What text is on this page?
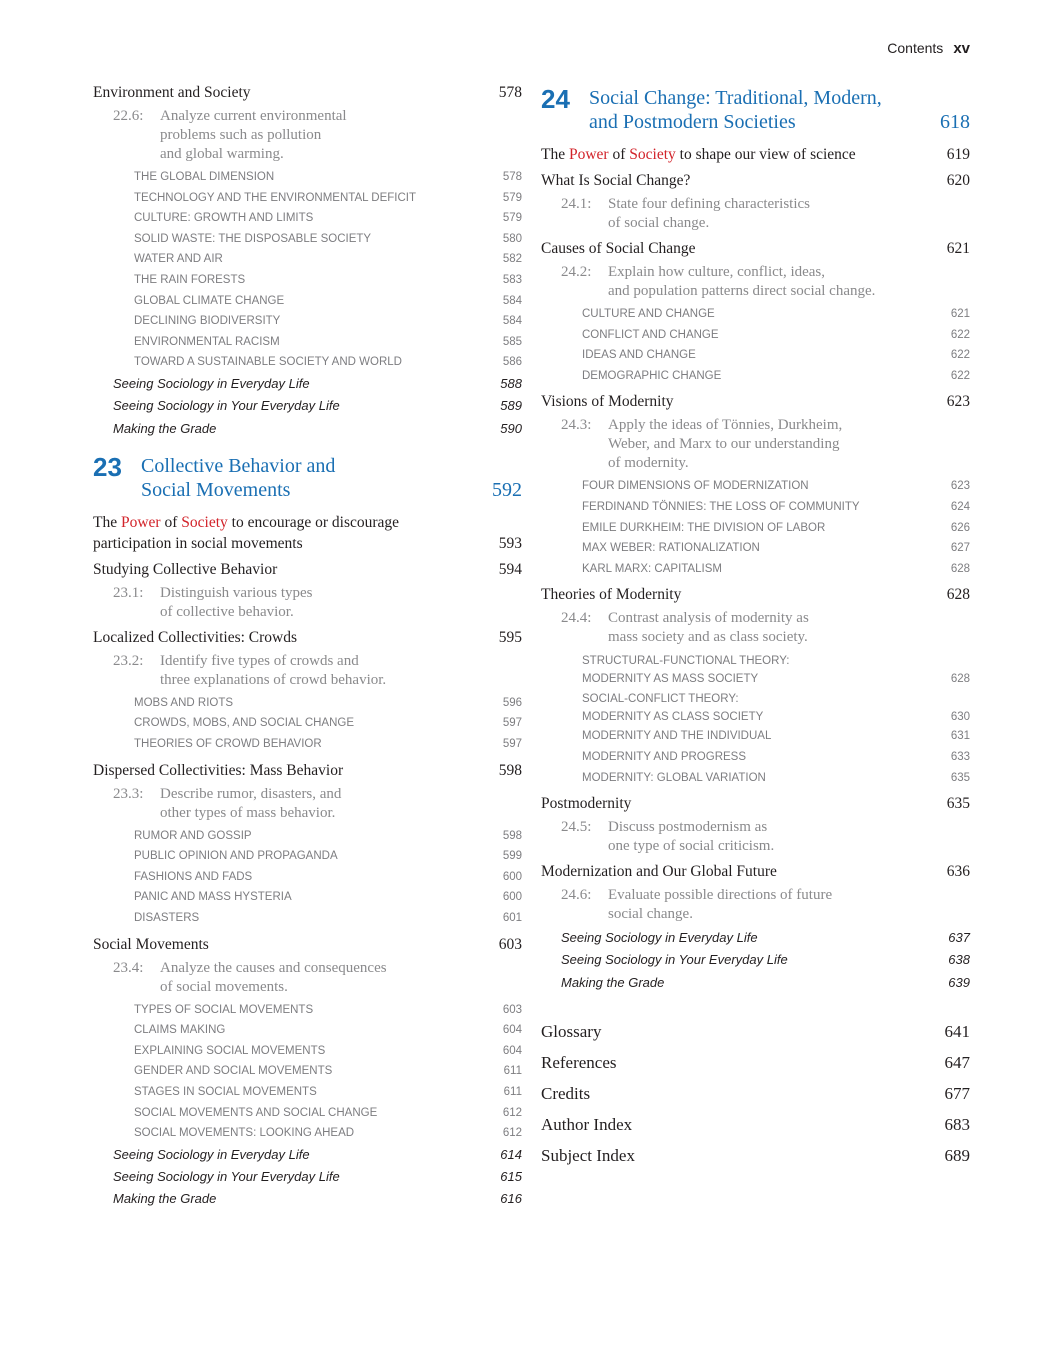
Contents xv
Environment and Society	578
22.6:	Analyze current environmental
problems such as pollution
and global warming.
THE GLOBAL DIMENSION	578
TECHNOLOGY AND THE ENVIRONMENTAL DEFICIT	579
CULTURE: GROWTH AND LIMITS	579
SOLID WASTE: THE DISPOSABLE SOCIETY	580
WATER AND AIR	582
THE RAIN FORESTS	583
GLOBAL CLIMATE CHANGE	584
DECLINING BIODIVERSITY	584
ENVIRONMENTAL RACISM	585
TOWARD A SUSTAINABLE SOCIETY AND WORLD	586
Seeing Sociology in Everyday Life	588
Seeing Sociology in Your Everyday Life	589
Making the Grade	590
23 Collective Behavior and
Social Movements	592
The Power of Society to encourage or discourage
participation in social movements	593
Studying Collective Behavior	594
23.1:	Distinguish various types
of collective behavior.
Localized Collectivities: Crowds	595
23.2:	Identify five types of crowds and
three explanations of crowd behavior.
MOBS AND RIOTS	596
CROWDS, MOBS, AND SOCIAL CHANGE	597
THEORIES OF CROWD BEHAVIOR	597
Dispersed Collectivities: Mass Behavior	598
23.3:	Describe rumor, disasters, and
other types of mass behavior.
RUMOR AND GOSSIP	598
PUBLIC OPINION AND PROPAGANDA	599
FASHIONS AND FADS	600
PANIC AND MASS HYSTERIA	600
DISASTERS	601
Social Movements	603
23.4:	Analyze the causes and consequences
of social movements.
TYPES OF SOCIAL MOVEMENTS	603
CLAIMS MAKING	604
EXPLAINING SOCIAL MOVEMENTS	604
GENDER AND SOCIAL MOVEMENTS	611
STAGES IN SOCIAL MOVEMENTS	611
SOCIAL MOVEMENTS AND SOCIAL CHANGE	612
SOCIAL MOVEMENTS: LOOKING AHEAD	612
Seeing Sociology in Everyday Life	614
Seeing Sociology in Your Everyday Life	615
Making the Grade	616
24 Social Change: Traditional, Modern,
and Postmodern Societies	618
The Power of Society to shape our view of science	619
What Is Social Change?	620
24.1:	State four defining characteristics
of social change.
Causes of Social Change	621
24.2:	Explain how culture, conflict, ideas,
and population patterns direct social change.
CULTURE AND CHANGE	621
CONFLICT AND CHANGE	622
IDEAS AND CHANGE	622
DEMOGRAPHIC CHANGE	622
Visions of Modernity	623
24.3:	Apply the ideas of Tönnies, Durkheim,
Weber, and Marx to our understanding
of modernity.
FOUR DIMENSIONS OF MODERNIZATION	623
FERDINAND TÖNNIES: THE LOSS OF COMMUNITY	624
EMILE DURKHEIM: THE DIVISION OF LABOR	626
MAX WEBER: RATIONALIZATION	627
KARL MARX: CAPITALISM	628
Theories of Modernity	628
24.4:	Contrast analysis of modernity as
mass society and as class society.
STRUCTURAL-FUNCTIONAL THEORY:
MODERNITY AS MASS SOCIETY	628
SOCIAL-CONFLICT THEORY:
MODERNITY AS CLASS SOCIETY	630
MODERNITY AND THE INDIVIDUAL	631
MODERNITY AND PROGRESS	633
MODERNITY: GLOBAL VARIATION	635
Postmodernity	635
24.5:	Discuss postmodernism as
one type of social criticism.
Modernization and Our Global Future	636
24.6:	Evaluate possible directions of future
social change.
Seeing Sociology in Everyday Life	637
Seeing Sociology in Your Everyday Life	638
Making the Grade	639
Glossary	641
References	647
Credits	677
Author Index	683
Subject Index	689
